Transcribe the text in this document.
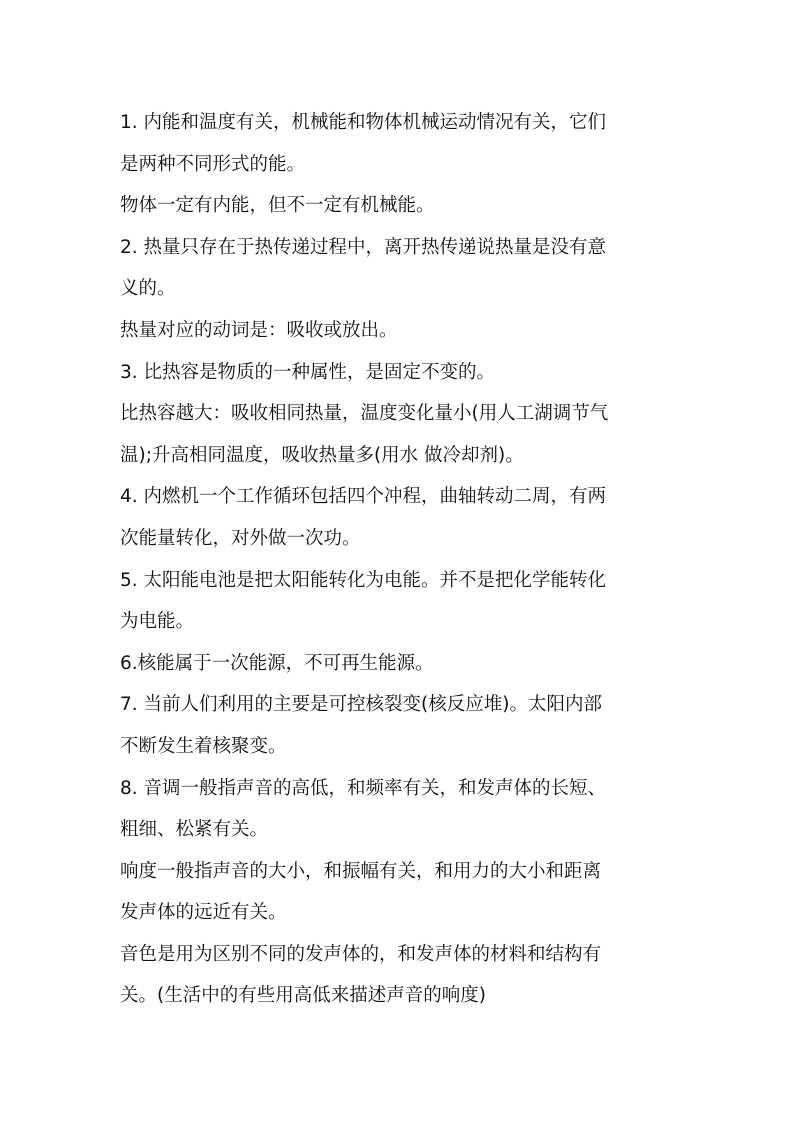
1. 内能和温度有关，机械能和物体机械运动情况有关，它们
是两种不同形式的能。
物体一定有内能，但不一定有机械能。
2. 热量只存在于热传递过程中，离开热传递说热量是没有意
义的。
热量对应的动词是：吸收或放出。
3. 比热容是物质的一种属性，是固定不变的。
比热容越大：吸收相同热量，温度变化量小(用人工湖调节气
温);升高相同温度，吸收热量多(用水 做冷却剂)。
4. 内燃机一个工作循环包括四个冲程，曲轴转动二周，有两
次能量转化，对外做一次功。
5. 太阳能电池是把太阳能转化为电能。并不是把化学能转化
为电能。
6.核能属于一次能源，不可再生能源。
7. 当前人们利用的主要是可控核裂变(核反应堆)。太阳内部
不断发生着核聚变。
8. 音调一般指声音的高低，和频率有关，和发声体的长短、
粗细、松紧有关。
响度一般指声音的大小，和振幅有关，和用力的大小和距离
发声体的远近有关。
音色是用为区别不同的发声体的，和发声体的材料和结构有
关。(生活中的有些用高低来描述声音的响度)
